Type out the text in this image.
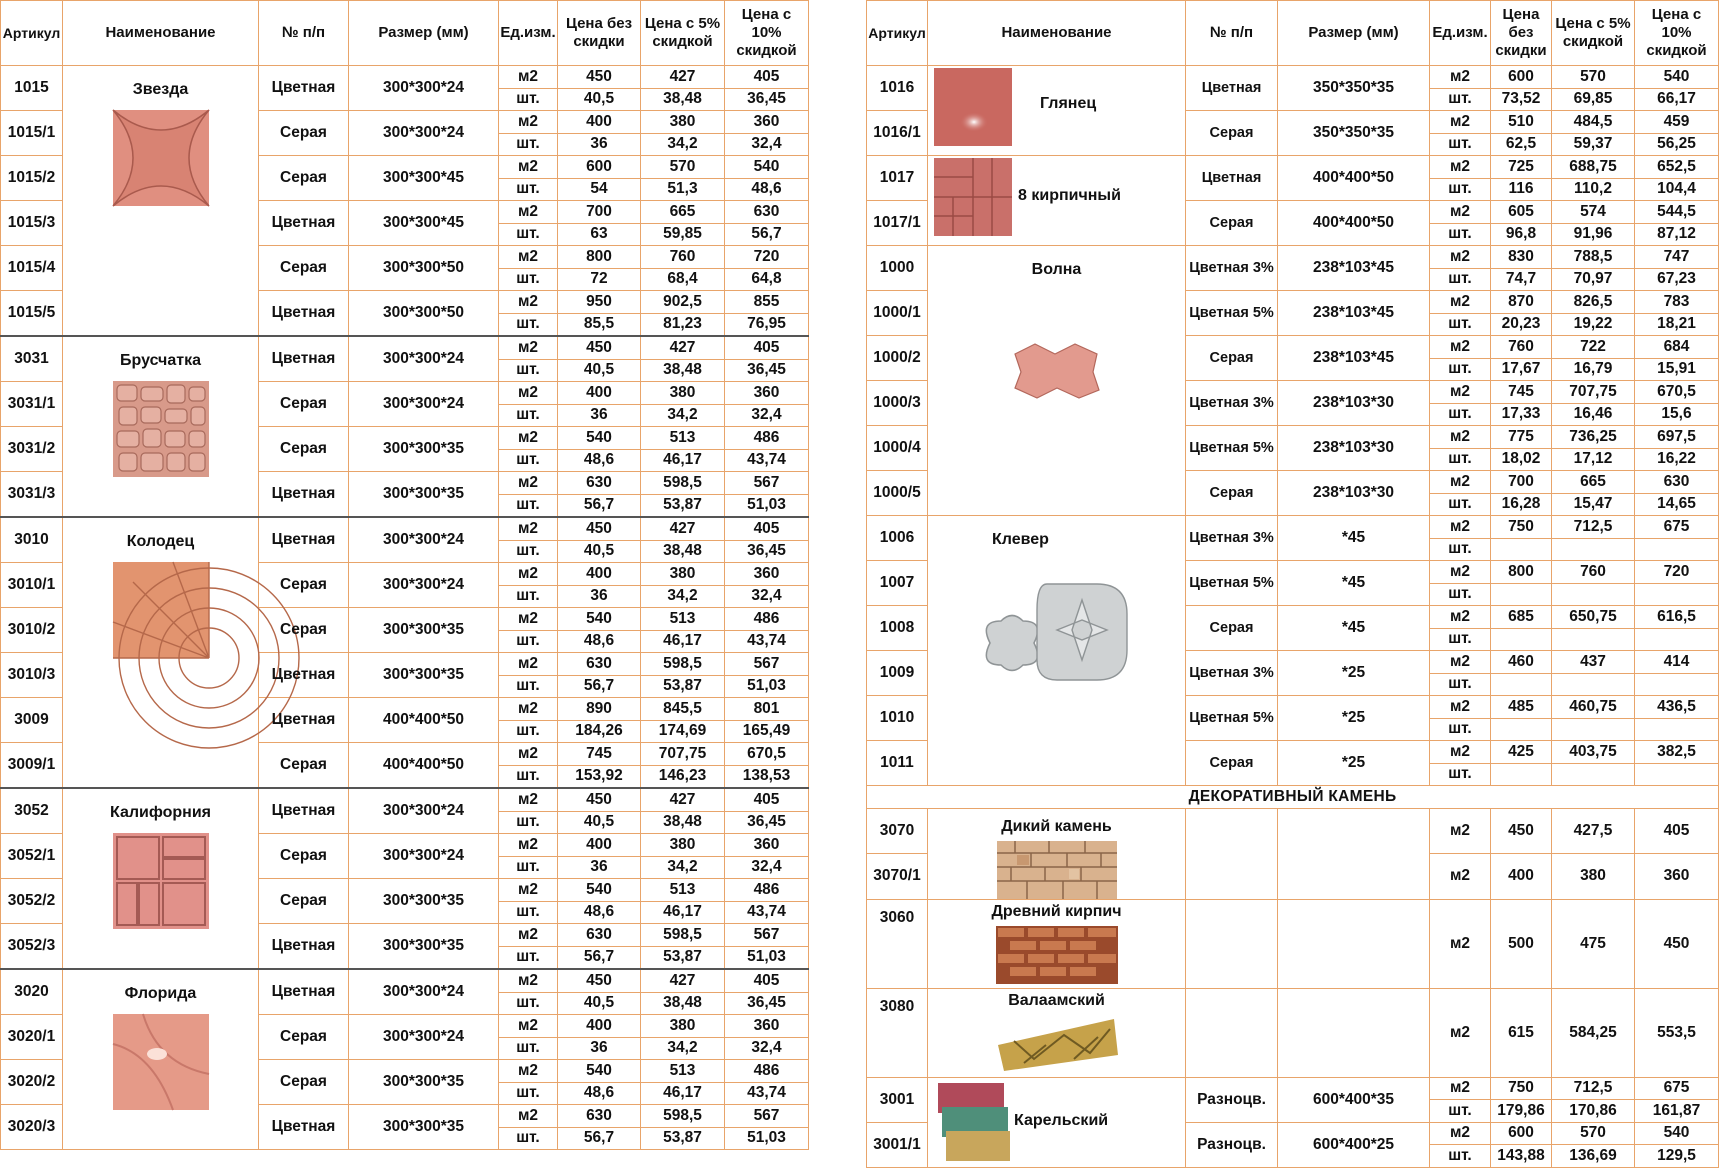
Артикул	Наименование	№ п/п	Размер (мм)	Ед.изм.	Цена без скидки	Цена с 5% скидкой	Цена с 10% скидкой
1015	Звезда	Цветная	300*300*24	м2	450	427	405
				шт.	40,5	38,48	36,45
1015/1		Серая	300*300*24	м2	400	380	360
				шт.	36	34,2	32,4
1015/2		Серая	300*300*45	м2	600	570	540
				шт.	54	51,3	48,6
1015/3		Цветная	300*300*45	м2	700	665	630
				шт.	63	59,85	56,7
1015/4		Серая	300*300*50	м2	800	760	720
				шт.	72	68,4	64,8
1015/5		Цветная	300*300*50	м2	950	902,5	855
				шт.	85,5	81,23	76,95
3031	Брусчатка	Цветная	300*300*24	м2	450	427	405
				шт.	40,5	38,48	36,45
3031/1		Серая	300*300*24	м2	400	380	360
				шт.	36	34,2	32,4
3031/2		Серая	300*300*35	м2	540	513	486
				шт.	48,6	46,17	43,74
3031/3		Цветная	300*300*35	м2	630	598,5	567
				шт.	56,7	53,87	51,03
3010	Колодец	Цветная	300*300*24	м2	450	427	405
				шт.	40,5	38,48	36,45
3010/1		Серая	300*300*24	м2	400	380	360
				шт.	36	34,2	32,4
3010/2		Серая	300*300*35	м2	540	513	486
				шт.	48,6	46,17	43,74
3010/3		Цветная	300*300*35	м2	630	598,5	567
				шт.	56,7	53,87	51,03
3009		Цветная	400*400*50	м2	890	845,5	801
				шт.	184,26	174,69	165,49
3009/1		Серая	400*400*50	м2	745	707,75	670,5
				шт.	153,92	146,23	138,53
3052	Калифорния	Цветная	300*300*24	м2	450	427	405
				шт.	40,5	38,48	36,45
3052/1		Серая	300*300*24	м2	400	380	360
				шт.	36	34,2	32,4
3052/2		Серая	300*300*35	м2	540	513	486
				шт.	48,6	46,17	43,74
3052/3		Цветная	300*300*35	м2	630	598,5	567
				шт.	56,7	53,87	51,03
3020	Флорида	Цветная	300*300*24	м2	450	427	405
				шт.	40,5	38,48	36,45
3020/1		Серая	300*300*24	м2	400	380	360
				шт.	36	34,2	32,4
3020/2		Серая	300*300*35	м2	540	513	486
				шт.	48,6	46,17	43,74
3020/3		Цветная	300*300*35	м2	630	598,5	567
				шт.	56,7	53,87	51,03
Артикул	Наименование	№ п/п	Размер (мм)	Ед.изм.	Цена без скидки	Цена с 5% скидкой	Цена с 10% скидкой
1016	Глянец	Цветная	350*350*35	м2	600	570	540
				шт.	73,52	69,85	66,17
1016/1		Серая	350*350*35	м2	510	484,5	459
				шт.	62,5	59,37	56,25
1017	8 кирпичный	Цветная	400*400*50	м2	725	688,75	652,5
				шт.	116	110,2	104,4
1017/1		Серая	400*400*50	м2	605	574	544,5
				шт.	96,8	91,96	87,12
1000	Волна	Цветная 3%	238*103*45	м2	830	788,5	747
				шт.	74,7	70,97	67,23
1000/1		Цветная 5%	238*103*45	м2	870	826,5	783
				шт.	20,23	19,22	18,21
1000/2		Серая	238*103*45	м2	760	722	684
				шт.	17,67	16,79	15,91
1000/3		Цветная 3%	238*103*30	м2	745	707,75	670,5
				шт.	17,33	16,46	15,6
1000/4		Цветная 5%	238*103*30	м2	775	736,25	697,5
				шт.	18,02	17,12	16,22
1000/5		Серая	238*103*30	м2	700	665	630
				шт.	16,28	15,47	14,65
1006	Клевер	Цветная 3%	*45	м2	750	712,5	675
				шт.			
1007		Цветная 5%	*45	м2	800	760	720
				шт.			
1008		Серая	*45	м2	685	650,75	616,5
				шт.			
1009		Цветная 3%	*25	м2	460	437	414
				шт.			
1010		Цветная 5%	*25	м2	485	460,75	436,5
				шт.			
1011		Серая	*25	м2	425	403,75	382,5
				шт.			
ДЕКОРАТИВНЫЙ КАМЕНЬ							
3070	Дикий камень			м2	450	427,5	405
3070/1				м2	400	380	360
3060	Древний кирпич			м2	500	475	450
3080	Валаамский			м2	615	584,25	553,5
3001	Карельский	Разноцв.	600*400*35	м2	750	712,5	675
				шт.	179,86	170,86	161,87
3001/1		Разноцв.	600*400*25	м2	600	570	540
				шт.	143,88	136,69	129,5
